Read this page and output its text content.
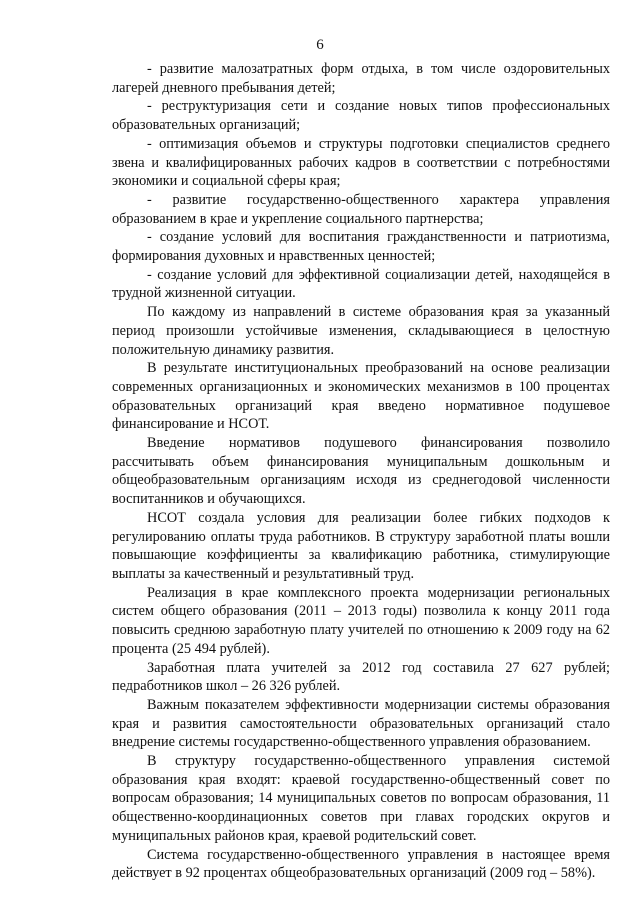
6

- развитие малозатратных форм отдыха, в том числе оздоровительных лагерей дневного пребывания детей;

- реструктуризация сети и создание новых типов профессиональных образовательных организаций;

- оптимизация объемов и структуры подготовки специалистов среднего звена и квалифицированных рабочих кадров в соответствии с потребностями экономики и социальной сферы края;

- развитие государственно-общественного характера управления образованием в крае и укрепление социального партнерства;

- создание условий для воспитания гражданственности и патриотизма, формирования духовных и нравственных ценностей;

- создание условий для эффективной социализации детей, находящейся в трудной жизненной ситуации.

По каждому из направлений в системе образования края за указанный период произошли устойчивые изменения, складывающиеся в целостную положительную динамику развития.

В результате институциональных преобразований на основе реализации современных организационных и экономических механизмов в 100 процентах образовательных организаций края введено нормативное подушевое финансирование и НСОТ.

Введение нормативов подушевого финансирования позволило рассчитывать объем финансирования муниципальным дошкольным и общеобразовательным организациям исходя из среднегодовой численности воспитанников и обучающихся.

НСОТ создала условия для реализации более гибких подходов к регулированию оплаты труда работников. В структуру заработной платы вошли повышающие коэффициенты за квалификацию работника, стимулирующие выплаты за качественный и результативный труд.

Реализация в крае комплексного проекта модернизации региональных систем общего образования (2011 – 2013 годы) позволила к концу 2011 года повысить среднюю заработную плату учителей по отношению к 2009 году на 62 процента (25 494 рублей).

Заработная плата учителей за 2012 год составила 27 627 рублей; педработников школ – 26 326 рублей.

Важным показателем эффективности модернизации системы образования края и развития самостоятельности образовательных организаций стало внедрение системы государственно-общественного управления образованием.

В структуру государственно-общественного управления системой образования края входят: краевой государственно-общественный совет по вопросам образования; 14 муниципальных советов по вопросам образования, 11 общественно-координационных советов при главах городских округов и муниципальных районов края, краевой родительский совет.

Система государственно-общественного управления в настоящее время действует в 92 процентах общеобразовательных организаций (2009 год – 58%).
